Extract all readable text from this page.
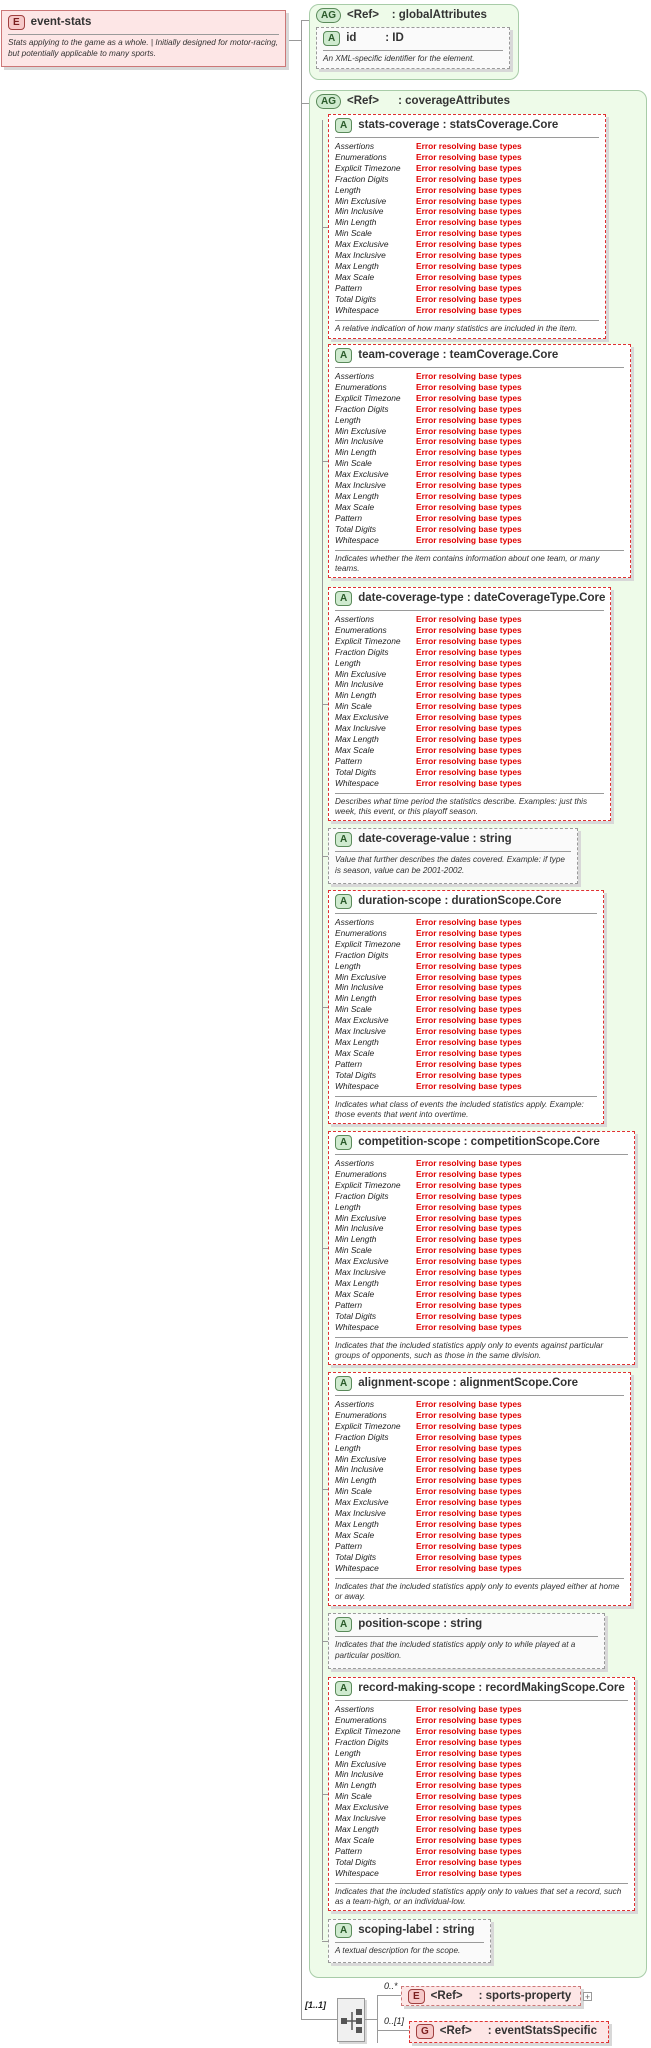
E event-stats
Stats applying to the game as a whole. | Initially designed for motor-racing, but potentially applicable to many sports.
AG <Ref> : globalAttributes
A id	: ID
An XML-specific identifier for the element.
AG <Ref> : coverageAttributes
A stats-coverage : statsCoverage.Core
Assertions	Error resolving base types
Enumerations	Error resolving base types
Explicit Timezone	Error resolving base types
Fraction Digits	Error resolving base types
Length	Error resolving base types
Min Exclusive	Error resolving base types
Min Inclusive	Error resolving base types
Min Length	Error resolving base types
Min Scale	Error resolving base types
Max Exclusive	Error resolving base types
Max Inclusive	Error resolving base types
Max Length	Error resolving base types
Max Scale	Error resolving base types
Pattern	Error resolving base types
Total Digits	Error resolving base types
Whitespace	Error resolving base types
A relative indication of how many statistics are included in the item.
A team-coverage : teamCoverage.Core
Assertions	Error resolving base types
Enumerations	Error resolving base types
Explicit Timezone	Error resolving base types
Fraction Digits	Error resolving base types
Length	Error resolving base types
Min Exclusive	Error resolving base types
Min Inclusive	Error resolving base types
Min Length	Error resolving base types
Min Scale	Error resolving base types
Max Exclusive	Error resolving base types
Max Inclusive	Error resolving base types
Max Length	Error resolving base types
Max Scale	Error resolving base types
Pattern	Error resolving base types
Total Digits	Error resolving base types
Whitespace	Error resolving base types
Indicates whether the item contains information about one team, or many teams.
A date-coverage-type : dateCoverageType.Core
Assertions	Error resolving base types
Enumerations	Error resolving base types
Explicit Timezone	Error resolving base types
Fraction Digits	Error resolving base types
Length	Error resolving base types
Min Exclusive	Error resolving base types
Min Inclusive	Error resolving base types
Min Length	Error resolving base types
Min Scale	Error resolving base types
Max Exclusive	Error resolving base types
Max Inclusive	Error resolving base types
Max Length	Error resolving base types
Max Scale	Error resolving base types
Pattern	Error resolving base types
Total Digits	Error resolving base types
Whitespace	Error resolving base types
Describes what time period the statistics describe. Examples: just this week, this event, or this playoff season.
A date-coverage-value : string
Value that further describes the dates covered. Example: if type is season, value can be 2001-2002.
A duration-scope : durationScope.Core
Assertions	Error resolving base types
Enumerations	Error resolving base types
Explicit Timezone	Error resolving base types
Fraction Digits	Error resolving base types
Length	Error resolving base types
Min Exclusive	Error resolving base types
Min Inclusive	Error resolving base types
Min Length	Error resolving base types
Min Scale	Error resolving base types
Max Exclusive	Error resolving base types
Max Inclusive	Error resolving base types
Max Length	Error resolving base types
Max Scale	Error resolving base types
Pattern	Error resolving base types
Total Digits	Error resolving base types
Whitespace	Error resolving base types
Indicates what class of events the included statistics apply. Example: those events that went into overtime.
A competition-scope : competitionScope.Core
Assertions	Error resolving base types
Enumerations	Error resolving base types
Explicit Timezone	Error resolving base types
Fraction Digits	Error resolving base types
Length	Error resolving base types
Min Exclusive	Error resolving base types
Min Inclusive	Error resolving base types
Min Length	Error resolving base types
Min Scale	Error resolving base types
Max Exclusive	Error resolving base types
Max Inclusive	Error resolving base types
Max Length	Error resolving base types
Max Scale	Error resolving base types
Pattern	Error resolving base types
Total Digits	Error resolving base types
Whitespace	Error resolving base types
Indicates that the included statistics apply only to events against particular groups of opponents, such as those in the same division.
A alignment-scope : alignmentScope.Core
Assertions	Error resolving base types
Enumerations	Error resolving base types
Explicit Timezone	Error resolving base types
Fraction Digits	Error resolving base types
Length	Error resolving base types
Min Exclusive	Error resolving base types
Min Inclusive	Error resolving base types
Min Length	Error resolving base types
Min Scale	Error resolving base types
Max Exclusive	Error resolving base types
Max Inclusive	Error resolving base types
Max Length	Error resolving base types
Max Scale	Error resolving base types
Pattern	Error resolving base types
Total Digits	Error resolving base types
Whitespace	Error resolving base types
Indicates that the included statistics apply only to events played either at home or away.
A position-scope : string
Indicates that the included statistics apply only to while played at a particular position.
A record-making-scope : recordMakingScope.Core
Assertions	Error resolving base types
Enumerations	Error resolving base types
Explicit Timezone	Error resolving base types
Fraction Digits	Error resolving base types
Length	Error resolving base types
Min Exclusive	Error resolving base types
Min Inclusive	Error resolving base types
Min Length	Error resolving base types
Min Scale	Error resolving base types
Max Exclusive	Error resolving base types
Max Inclusive	Error resolving base types
Max Length	Error resolving base types
Max Scale	Error resolving base types
Pattern	Error resolving base types
Total Digits	Error resolving base types
Whitespace	Error resolving base types
Indicates that the included statistics apply only to values that set a record, such as a team-high, or an individual-low.
A scoping-label : string
A textual description for the scope.
[1..1]
0..*
E <Ref> : sports-property	+
0..[1]
G <Ref> : eventStatsSpecific
